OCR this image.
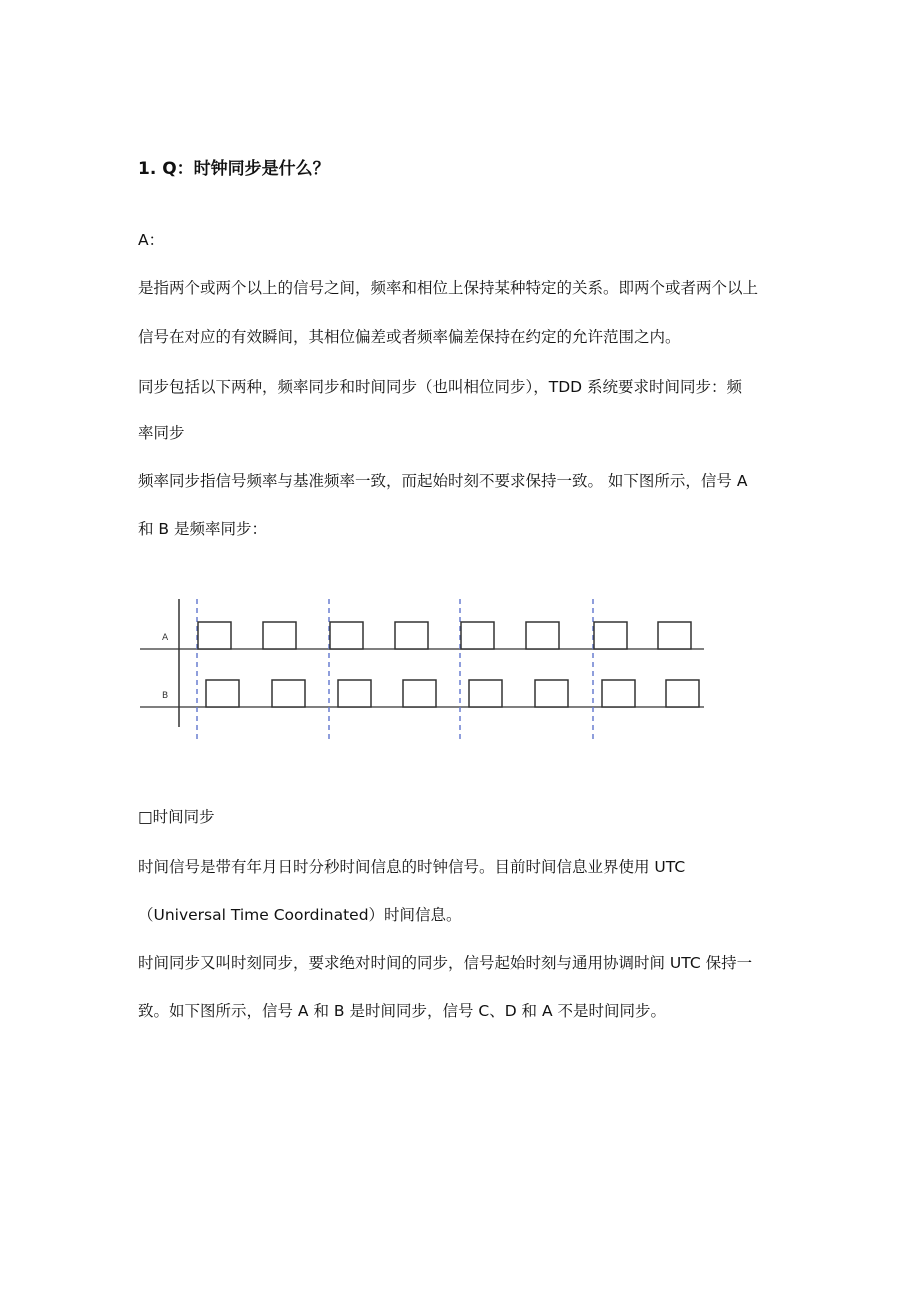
1. Q：时钟同步是什么？

A：

是指两个或两个以上的信号之间，频率和相位上保持某种特定的关系。即两个或者两个以上

信号在对应的有效瞬间，其相位偏差或者频率偏差保持在约定的允许范围之内。

同步包括以下两种，频率同步和时间同步（也叫相位同步），TDD 系统要求时间同步：频

率同步

频率同步指信号频率与基准频率一致，而起始时刻不要求保持一致。 如下图所示，信号 A

和 B 是频率同步：

A
B

□时间同步

时间信号是带有年月日时分秒时间信息的时钟信号。目前时间信息业界使用 UTC

（Universal Time Coordinated）时间信息。

时间同步又叫时刻同步，要求绝对时间的同步，信号起始时刻与通用协调时间 UTC 保持一

致。如下图所示，信号 A 和 B 是时间同步，信号 C、D 和 A 不是时间同步。
